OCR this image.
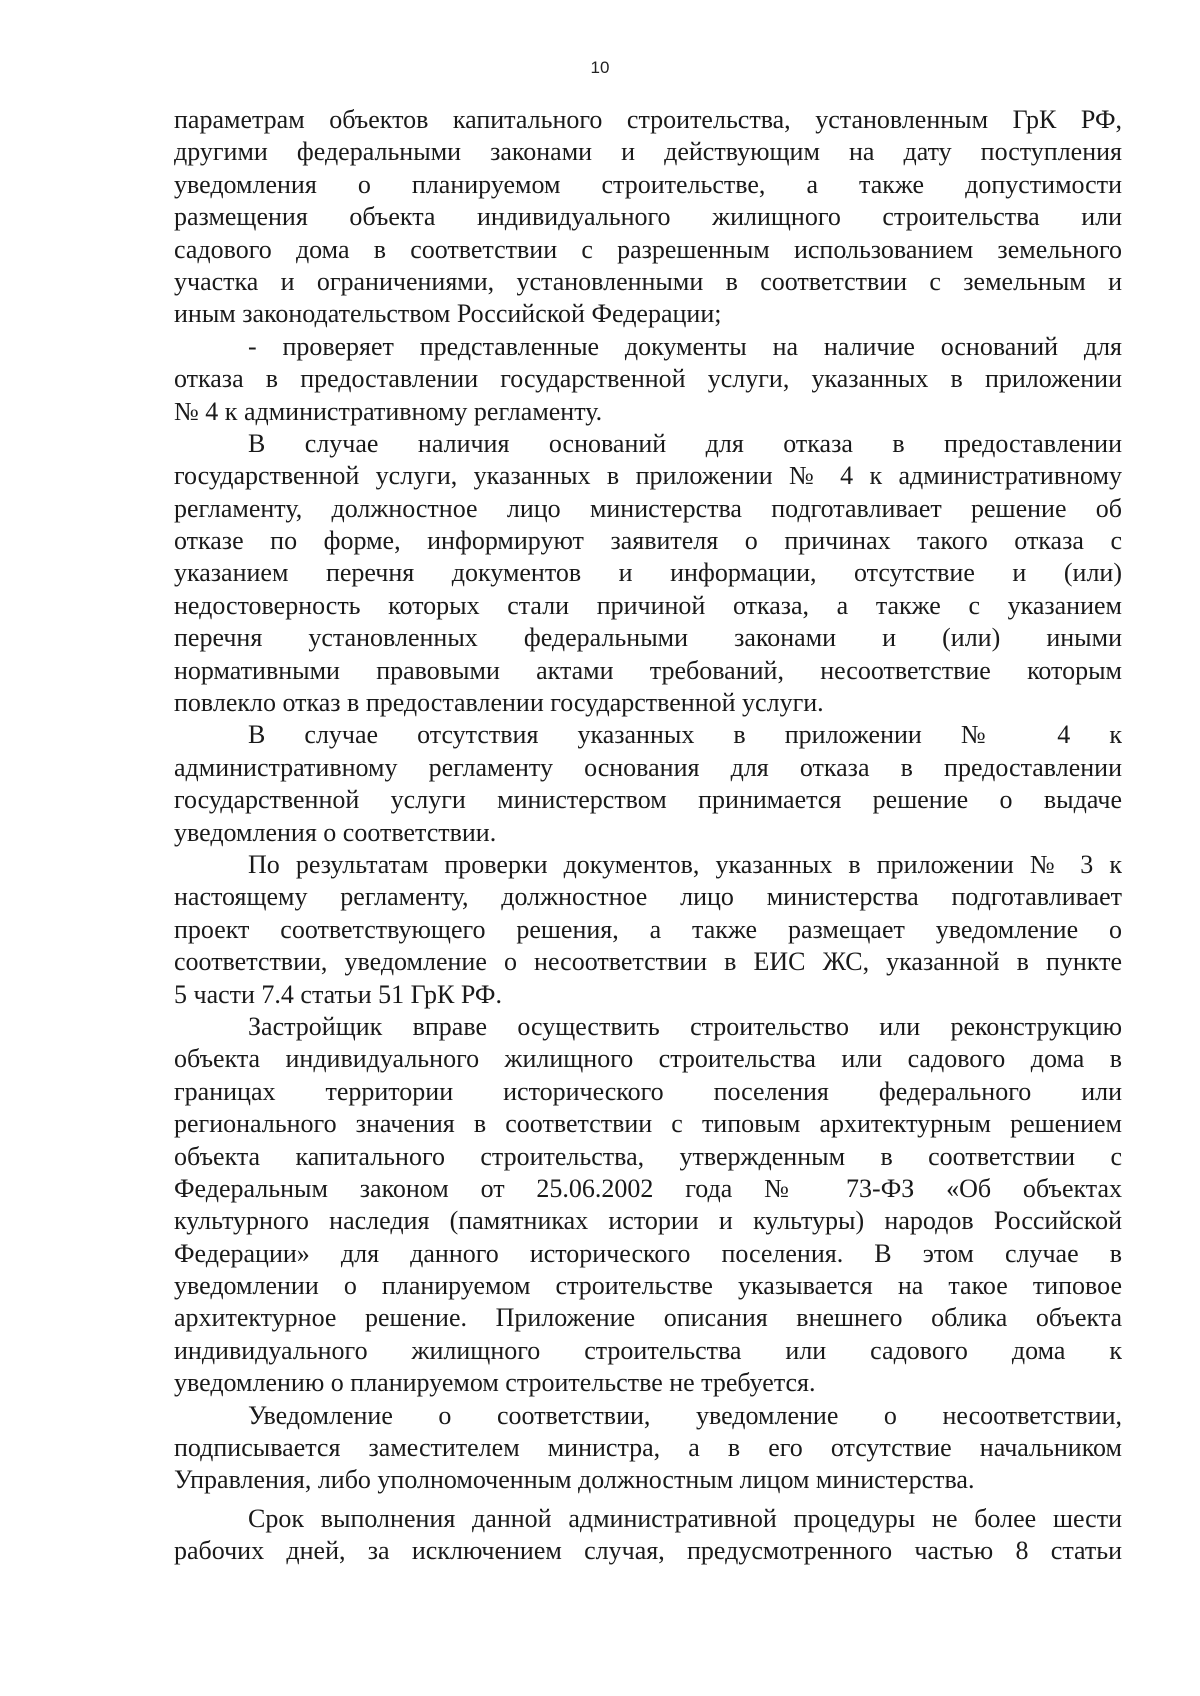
10
параметрам объектов капитального строительства, установленным ГрК РФ,
другими федеральными законами и действующим на дату поступления
уведомления о планируемом строительстве, а также допустимости
размещения объекта индивидуального жилищного строительства или
садового дома в соответствии с разрешенным использованием земельного
участка и ограничениями, установленными в соответствии с земельным и
иным законодательством Российской Федерации;
- проверяет представленные документы на наличие оснований для
отказа в предоставлении государственной услуги, указанных в приложении
№ 4 к административному регламенту.
В случае наличия оснований для отказа в предоставлении
государственной услуги, указанных в приложении № 4 к административному
регламенту, должностное лицо министерства подготавливает решение об
отказе по форме, информируют заявителя о причинах такого отказа с
указанием перечня документов и информации, отсутствие и (или)
недостоверность которых стали причиной отказа, а также с указанием
перечня установленных федеральными законами и (или) иными
нормативными правовыми актами требований, несоответствие которым
повлекло отказ в предоставлении государственной услуги.
В случае отсутствия указанных в приложении № 4 к
административному регламенту основания для отказа в предоставлении
государственной услуги министерством принимается решение о выдаче
уведомления о соответствии.
По результатам проверки документов, указанных в приложении № 3 к
настоящему регламенту, должностное лицо министерства подготавливает
проект соответствующего решения, а также размещает уведомление о
соответствии, уведомление о несоответствии в ЕИС ЖС, указанной в пункте
5 части 7.4 статьи 51 ГрК РФ.
Застройщик вправе осуществить строительство или реконструкцию
объекта индивидуального жилищного строительства или садового дома в
границах территории исторического поселения федерального или
регионального значения в соответствии с типовым архитектурным решением
объекта капитального строительства, утвержденным в соответствии с
Федеральным законом от 25.06.2002 года № 73-ФЗ «Об объектах
культурного наследия (памятниках истории и культуры) народов Российской
Федерации» для данного исторического поселения. В этом случае в
уведомлении о планируемом строительстве указывается на такое типовое
архитектурное решение. Приложение описания внешнего облика объекта
индивидуального жилищного строительства или садового дома к
уведомлению о планируемом строительстве не требуется.
Уведомление о соответствии, уведомление о несоответствии,
подписывается заместителем министра, а в его отсутствие начальником
Управления, либо уполномоченным должностным лицом министерства.
Срок выполнения данной административной процедуры не более шести
рабочих дней, за исключением случая, предусмотренного частью 8 статьи
